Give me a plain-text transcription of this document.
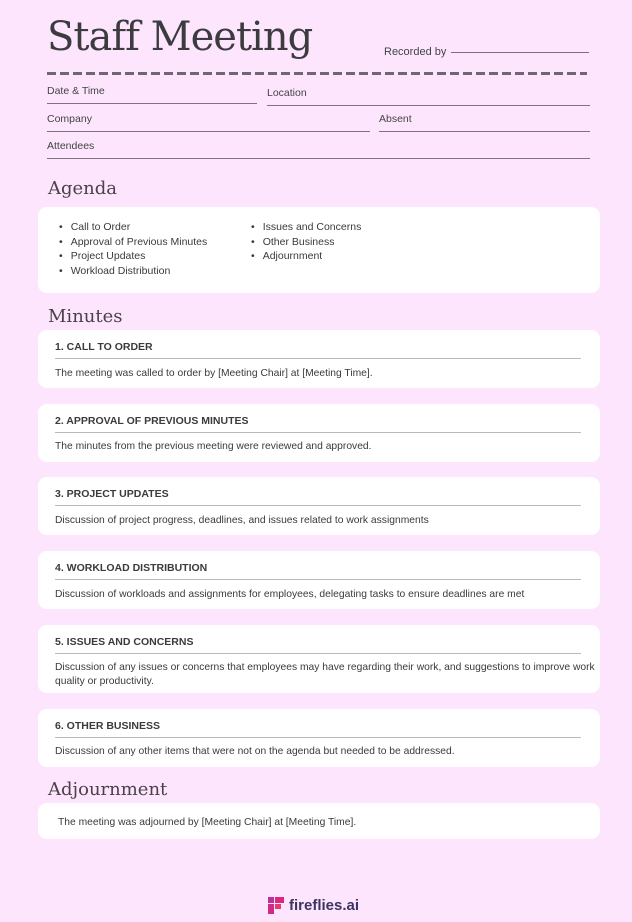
Staff Meeting	Recorded by
Date & Time	Location
Company	Absent
Attendees
Agenda
• Call to Order
• Approval of Previous Minutes
• Project Updates
• Workload Distribution
• Issues and Concerns
• Other Business
• Adjournment
Minutes
1. CALL TO ORDER
The meeting was called to order by [Meeting Chair] at [Meeting Time].
2. APPROVAL OF PREVIOUS MINUTES
The minutes from the previous meeting were reviewed and approved.
3. PROJECT UPDATES
Discussion of project progress, deadlines, and issues related to work assignments
4. WORKLOAD DISTRIBUTION
Discussion of workloads and assignments for employees, delegating tasks to ensure deadlines are met
5. ISSUES AND CONCERNS
Discussion of any issues or concerns that employees may have regarding their work, and suggestions to improve work quality or productivity.
6. OTHER BUSINESS
Discussion of any other items that were not on the agenda but needed to be addressed.
Adjournment
The meeting was adjourned by [Meeting Chair] at [Meeting Time].
fireflies.ai
